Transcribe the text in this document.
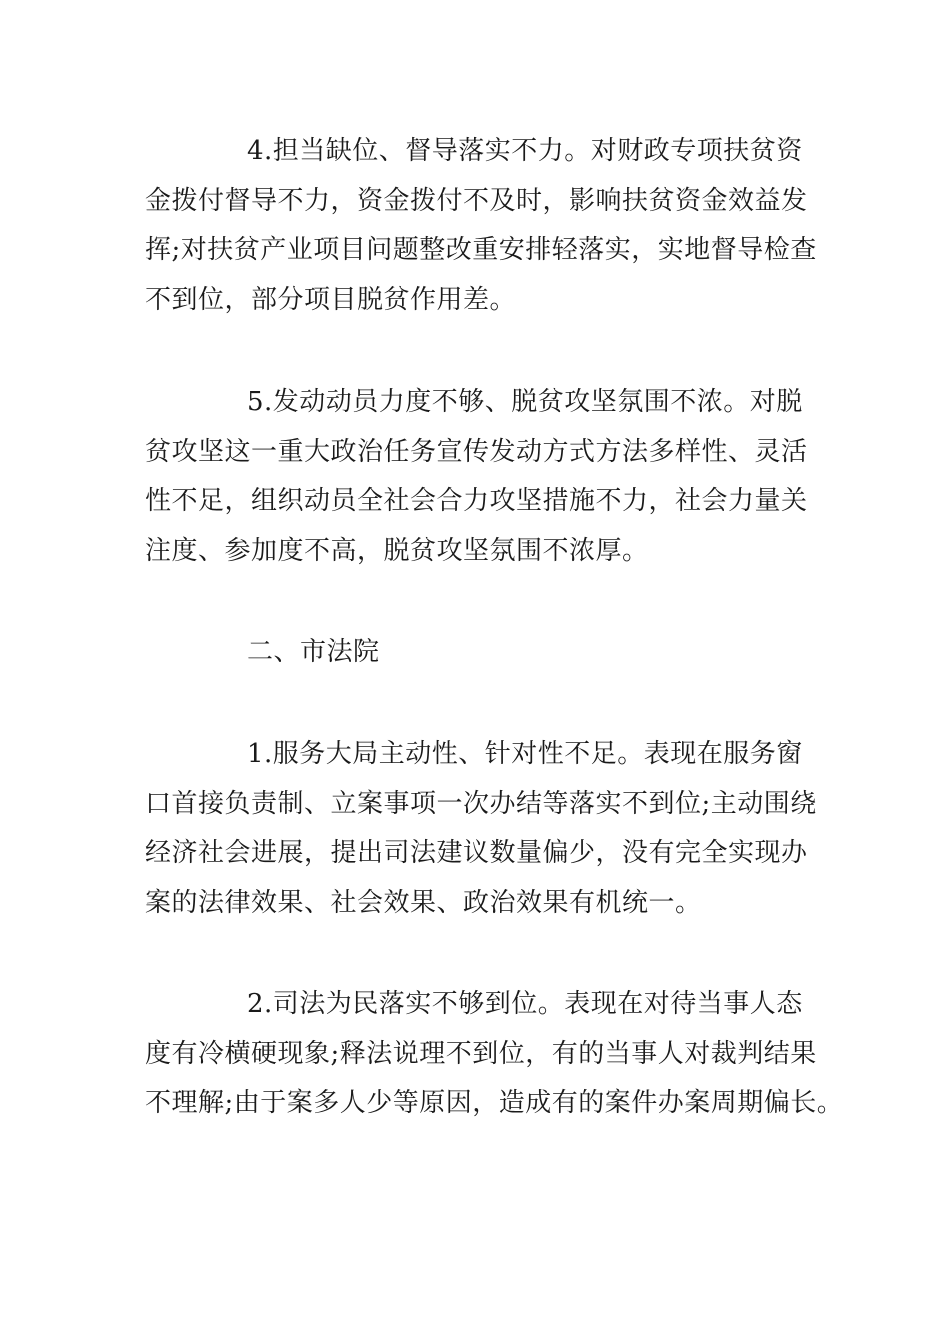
4.担当缺位、督导落实不力。对财政专项扶贫资
金拨付督导不力，资金拨付不及时，影响扶贫资金效益发
挥;对扶贫产业项目问题整改重安排轻落实，实地督导检查
不到位，部分项目脱贫作用差。
5.发动动员力度不够、脱贫攻坚氛围不浓。对脱
贫攻坚这一重大政治任务宣传发动方式方法多样性、灵活
性不足，组织动员全社会合力攻坚措施不力，社会力量关
注度、参加度不高，脱贫攻坚氛围不浓厚。
二、市法院
1.服务大局主动性、针对性不足。表现在服务窗
口首接负责制、立案事项一次办结等落实不到位;主动围绕
经济社会进展，提出司法建议数量偏少，没有完全实现办
案的法律效果、社会效果、政治效果有机统一。
2.司法为民落实不够到位。表现在对待当事人态
度有冷横硬现象;释法说理不到位，有的当事人对裁判结果
不理解;由于案多人少等原因，造成有的案件办案周期偏长。
